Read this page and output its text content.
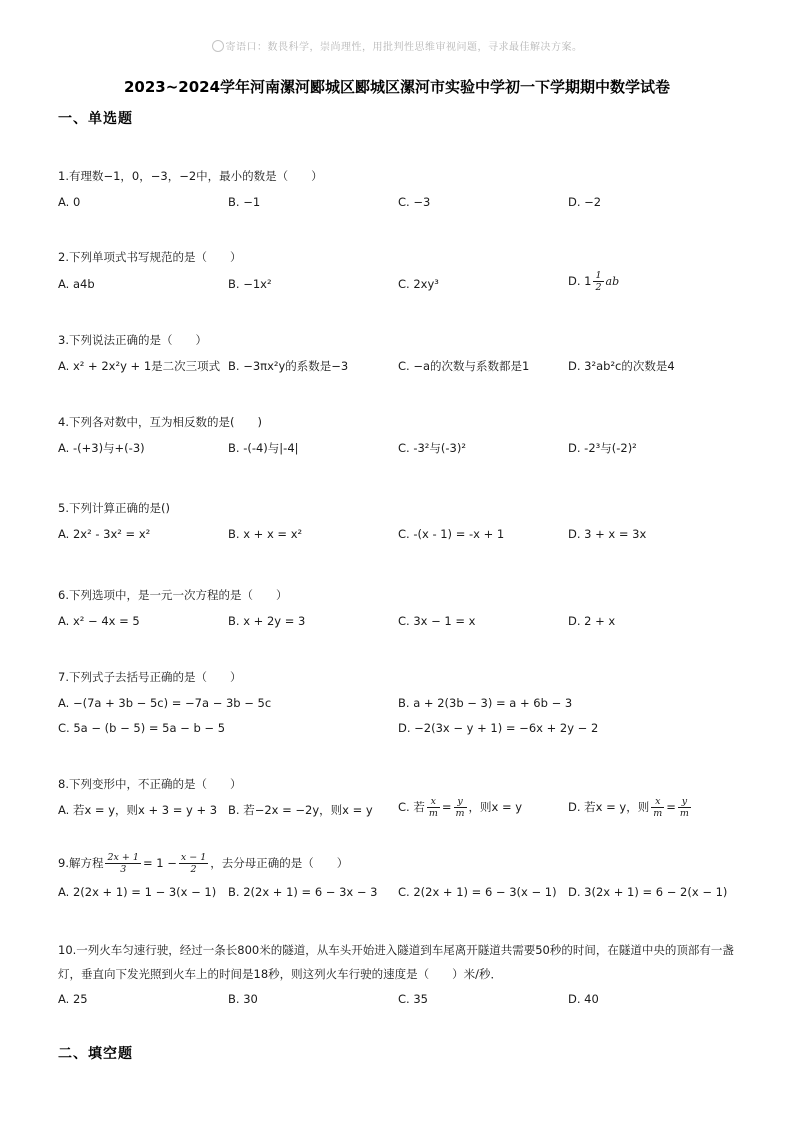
寄语口：数畏科学，崇尚理性，用批判性思维审视问题，寻求最佳解决方案。
2023~2024学年河南漯河郾城区郾城区漯河市实验中学初一下学期期中数学试卷
一、单选题
1.有理数−1，0，−3，−2中，最小的数是（　　）
A. 0	B. −1	C. −3	D. −2
2.下列单项式书写规范的是（　　）
A. a4b	B. −1x²	C. 2xy³	D. $1 \frac{1}{2}$ ab
3.下列说法正确的是（　　）
A. x² + 2x²y + 1是二次三项式 B. −3πx²y的系数是−3	C. −a的次数与系数都是1	D. 3²ab²c的次数是4
4.下列各对数中，互为相反数的是(　　)
A. -(+3)与+(-3)	B. -(-4)与|-4|	C. -3²与(-3)²	D. -2³与(-2)²
5.下列计算正确的是()
A. 2x² - 3x² = x²	B. x + x = x²	C. -(x - 1) = -x + 1	D. 3 + x = 3x
6.下列选项中，是一元一次方程的是（　　）
A. x² − 4x = 5	B. x + 2y = 3	C. 3x − 1 = x	D. 2 + x
7.下列式子去括号正确的是（　　）
A. −(7a + 3b − 5c) = −7a − 3b − 5c	B. a + 2(3b − 3) = a + 6b − 3
C. 5a − (b − 5) = 5a − b − 5	D. −2(3x − y + 1) = −6x + 2y − 2
8.下列变形中，不正确的是（　　）
A. 若x = y，则x + 3 = y + 3 B. 若−2x = −2y，则x = y C. 若 $\frac{x}{m} = \frac{y}{m}$ ，则x = y	D. 若x = y，则 $\frac{x}{m} = \frac{y}{m}$
9.解方程 $\frac{2x + 1}{3} = 1 - \frac{x - 1}{2}$ ，去分母正确的是（　　）
A. 2(2x + 1) = 1 − 3(x − 1) B. 2(2x + 1) = 6 − 3x − 3 C. 2(2x + 1) = 6 − 3(x − 1) D. 3(2x + 1) = 6 − 2(x − 1)
10.一列火车匀速行驶，经过一条长800米的隧道，从车头开始进入隧道到车尾离开隧道共需要50秒的时间，在隧道中央的顶部有一盏灯，垂直向下发光照到火车上的时间是18秒，则这列火车行驶的速度是（　　）米/秒．
A. 25	B. 30	C. 35	D. 40
二、填空题
